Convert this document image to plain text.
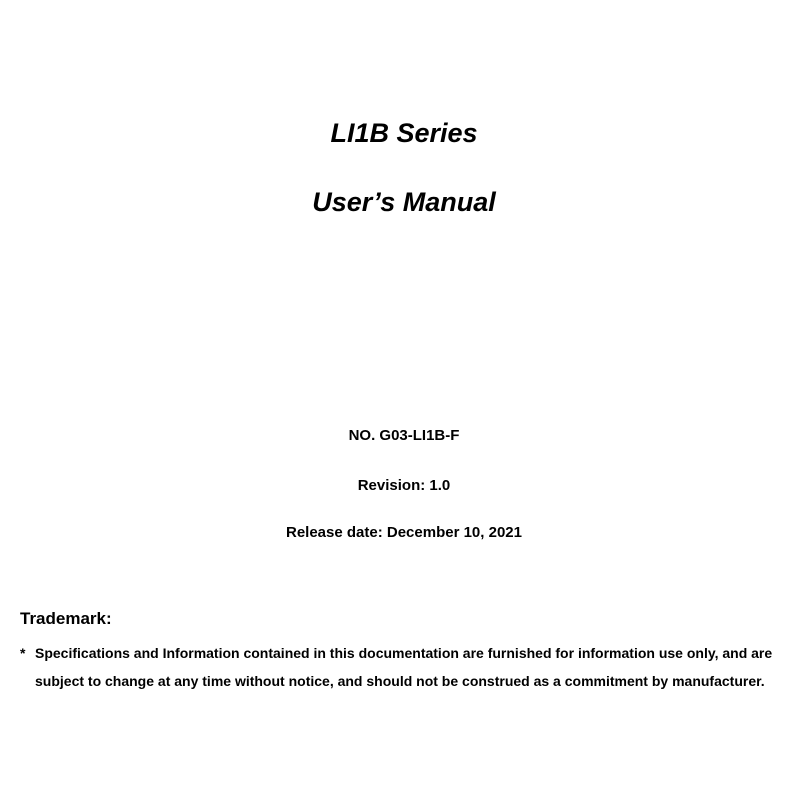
LI1B Series
User’s Manual
NO. G03-LI1B-F
Revision: 1.0
Release date: December 10, 2021
Trademark:
* Specifications and Information contained in this documentation are furnished for information use only, and are
subject to change at any time without notice, and should not be construed as a commitment by manufacturer.
